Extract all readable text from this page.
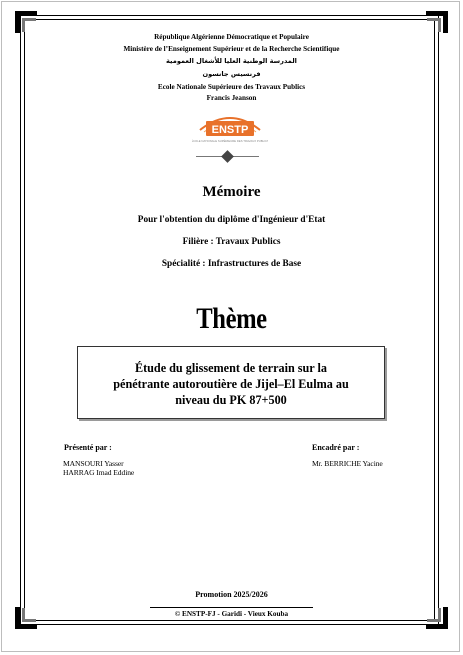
République Algérienne Démocratique et Populaire
Ministère de l’Enseignement Supérieur et de la Recherche Scientifique
المدرسة الوطنية العليا للأشغال العمومية
فرنسيس جانسون
Ecole Nationale Supérieure des Travaux Publics
Francis Jeanson
ENSTP
ÉCOLE NATIONALE SUPÉRIEURE DES TRAVAUX PUBLICS
Mémoire
Pour l'obtention du diplôme d'Ingénieur d'Etat
Filière : Travaux Publics
Spécialité : Infrastructures de Base
Thème
Étude du glissement de terrain sur la
pénétrante autoroutière de Jijel–El Eulma au
niveau du PK 87+500
Présenté par :
MANSOURI Yasser
HARRAG Imad Eddine
Encadré par :
Mr. BERRICHE Yacine
Promotion 2025/2026
© ENSTP-FJ - Garidi - Vieux Kouba
